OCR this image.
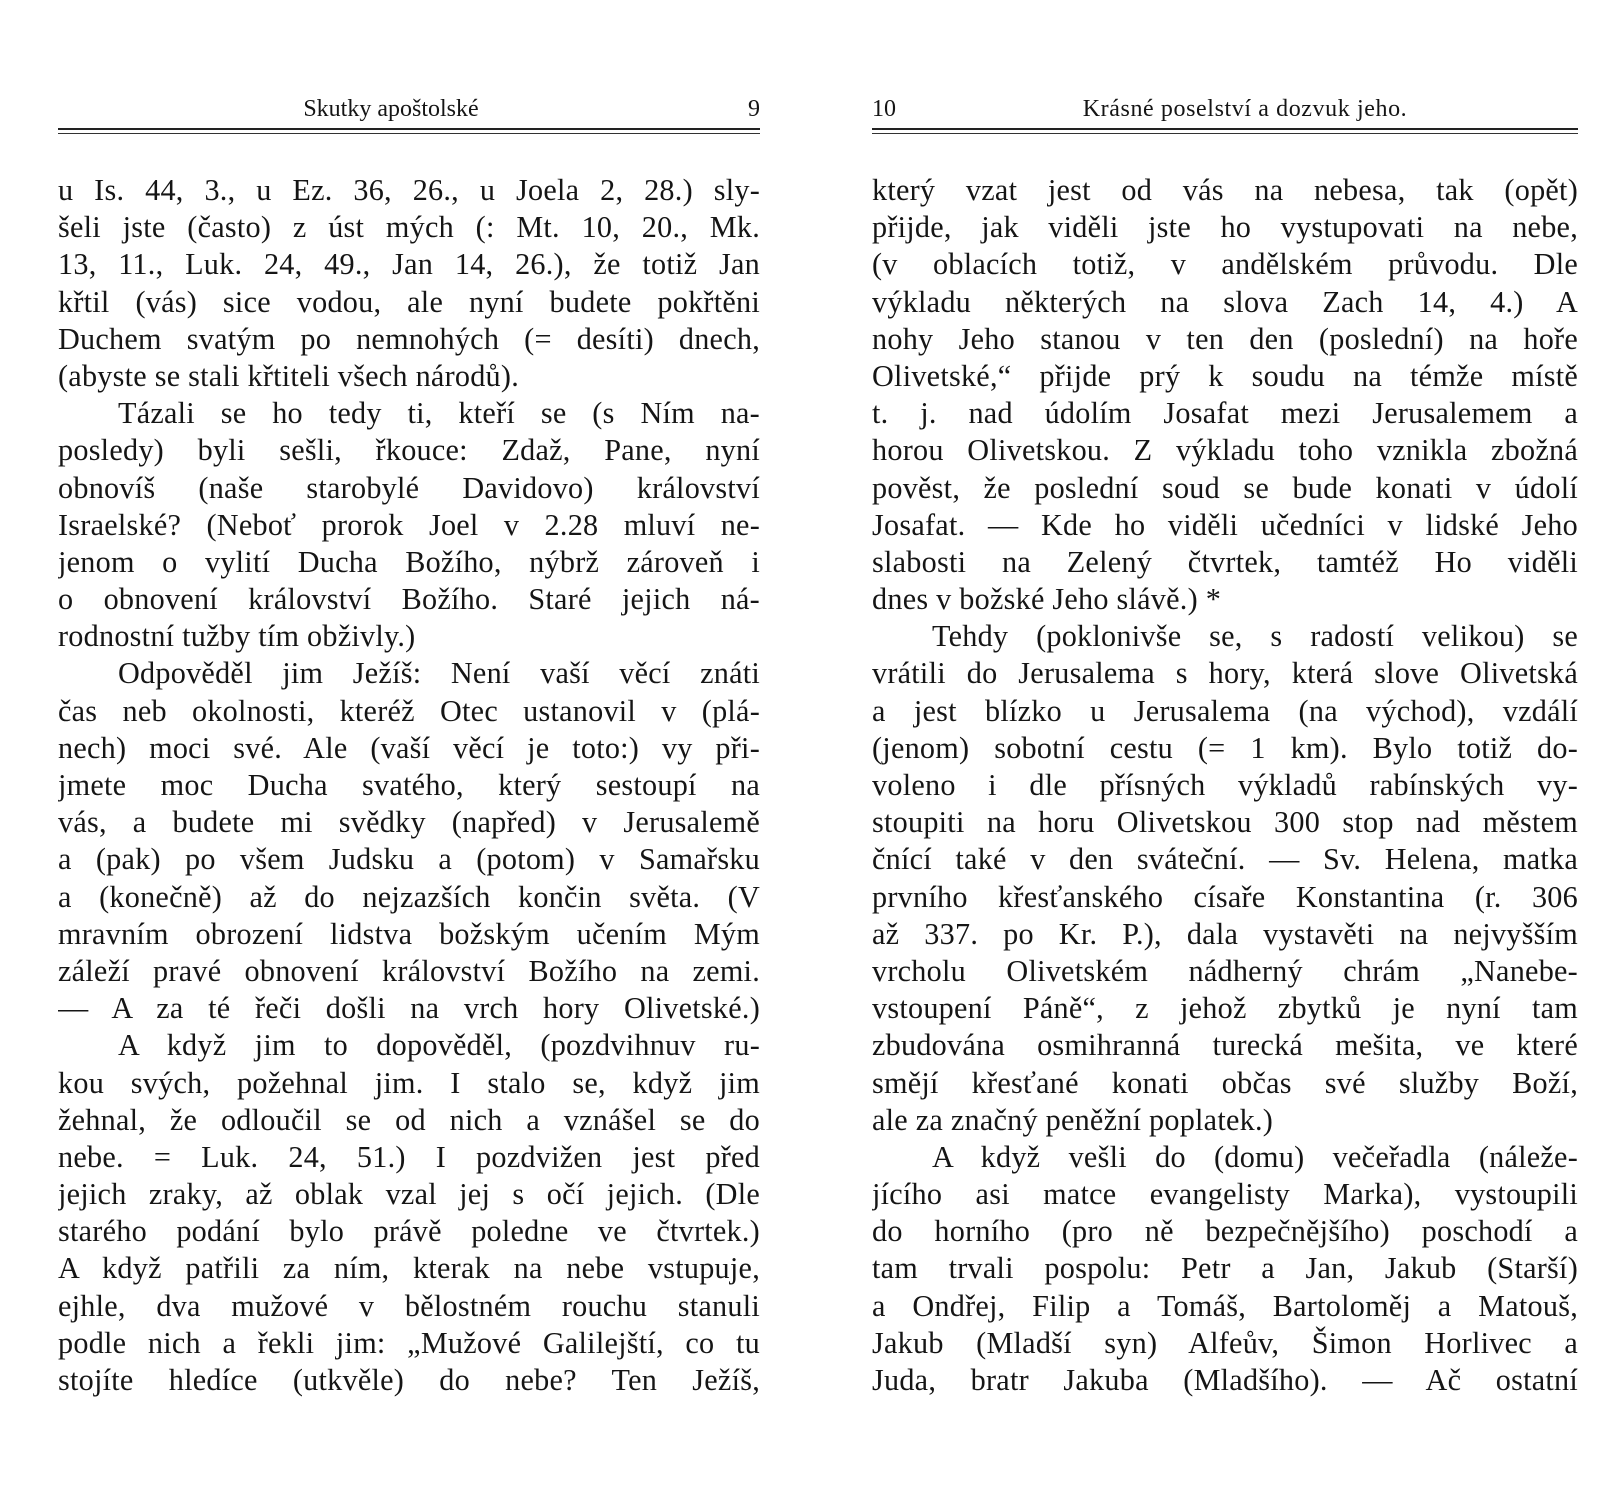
Skutky apoštolské	9
u Is. 44, 3., u Ez. 36, 26., u Joela 2, 28.) sly-
šeli jste (často) z úst mých (: Mt. 10, 20., Mk.
13, 11., Luk. 24, 49., Jan 14, 26.), že totiž Jan
křtil (vás) sice vodou, ale nyní budete pokřtěni
Duchem svatým po nemnohých (= desíti) dnech,
(abyste se stali křtiteli všech národů).
Tázali se ho tedy ti, kteří se (s Ním na-
posledy) byli sešli, řkouce: Zdaž, Pane, nyní
obnovíš (naše starobylé Davidovo) království
Israelské? (Neboť prorok Joel v 2.28 mluví ne-
jenom o vylití Ducha Božího, nýbrž zároveň i
o obnovení království Božího. Staré jejich ná-
rodnostní tužby tím obživly.)
Odpověděl jim Ježíš: Není vaší věcí znáti
čas neb okolnosti, kteréž Otec ustanovil v (plá-
nech) moci své. Ale (vaší věcí je toto:) vy při-
jmete moc Ducha svatého, který sestoupí na
vás, a budete mi svědky (napřed) v Jerusalemě
a (pak) po všem Judsku a (potom) v Samařsku
a (konečně) až do nejzazších končin světa. (V
mravním obrození lidstva božským učením Mým
záleží pravé obnovení království Božího na zemi.
— A za té řeči došli na vrch hory Olivetské.)
A když jim to dopověděl, (pozdvihnuv ru-
kou svých, požehnal jim. I stalo se, když jim
žehnal, že odloučil se od nich a vznášel se do
nebe. = Luk. 24, 51.) I pozdvižen jest před
jejich zraky, až oblak vzal jej s očí jejich. (Dle
starého podání bylo právě poledne ve čtvrtek.)
A když patřili za ním, kterak na nebe vstupuje,
ejhle, dva mužové v bělostném rouchu stanuli
podle nich a řekli jim: „Mužové Galilejští, co tu
stojíte hledíce (utkvěle) do nebe? Ten Ježíš,
10	Krásné poselství a dozvuk jeho.
který vzat jest od vás na nebesa, tak (opět)
přijde, jak viděli jste ho vystupovati na nebe,
(v oblacích totiž, v andělském průvodu. Dle
výkladu některých na slova Zach 14, 4.) A
nohy Jeho stanou v ten den (poslední) na hoře
Olivetské,“ přijde prý k soudu na témže místě
t. j. nad údolím Josafat mezi Jerusalemem a
horou Olivetskou. Z výkladu toho vznikla zbožná
pověst, že poslední soud se bude konati v údolí
Josafat. — Kde ho viděli učedníci v lidské Jeho
slabosti na Zelený čtvrtek, tamtéž Ho viděli
dnes v božské Jeho slávě.) *
Tehdy (poklonivše se, s radostí velikou) se
vrátili do Jerusalema s hory, která slove Olivetská
a jest blízko u Jerusalema (na východ), vzdálí
(jenom) sobotní cestu (= 1 km). Bylo totiž do-
voleno i dle přísných výkladů rabínských vy-
stoupiti na horu Olivetskou 300 stop nad městem
čnící také v den sváteční. — Sv. Helena, matka
prvního křesťanského císaře Konstantina (r. 306
až 337. po Kr. P.), dala vystavěti na nejvyšším
vrcholu Olivetském nádherný chrám „Nanebe-
vstoupení Páně“, z jehož zbytků je nyní tam
zbudována osmihranná turecká mešita, ve které
smějí křesťané konati občas své služby Boží,
ale za značný peněžní poplatek.)
A když vešli do (domu) večeřadla (náleže-
jícího asi matce evangelisty Marka), vystoupili
do horního (pro ně bezpečnějšího) poschodí a
tam trvali pospolu: Petr a Jan, Jakub (Starší)
a Ondřej, Filip a Tomáš, Bartoloměj a Matouš,
Jakub (Mladší syn) Alfeův, Šimon Horlivec a
Juda, bratr Jakuba (Mladšího). — Ač ostatní
